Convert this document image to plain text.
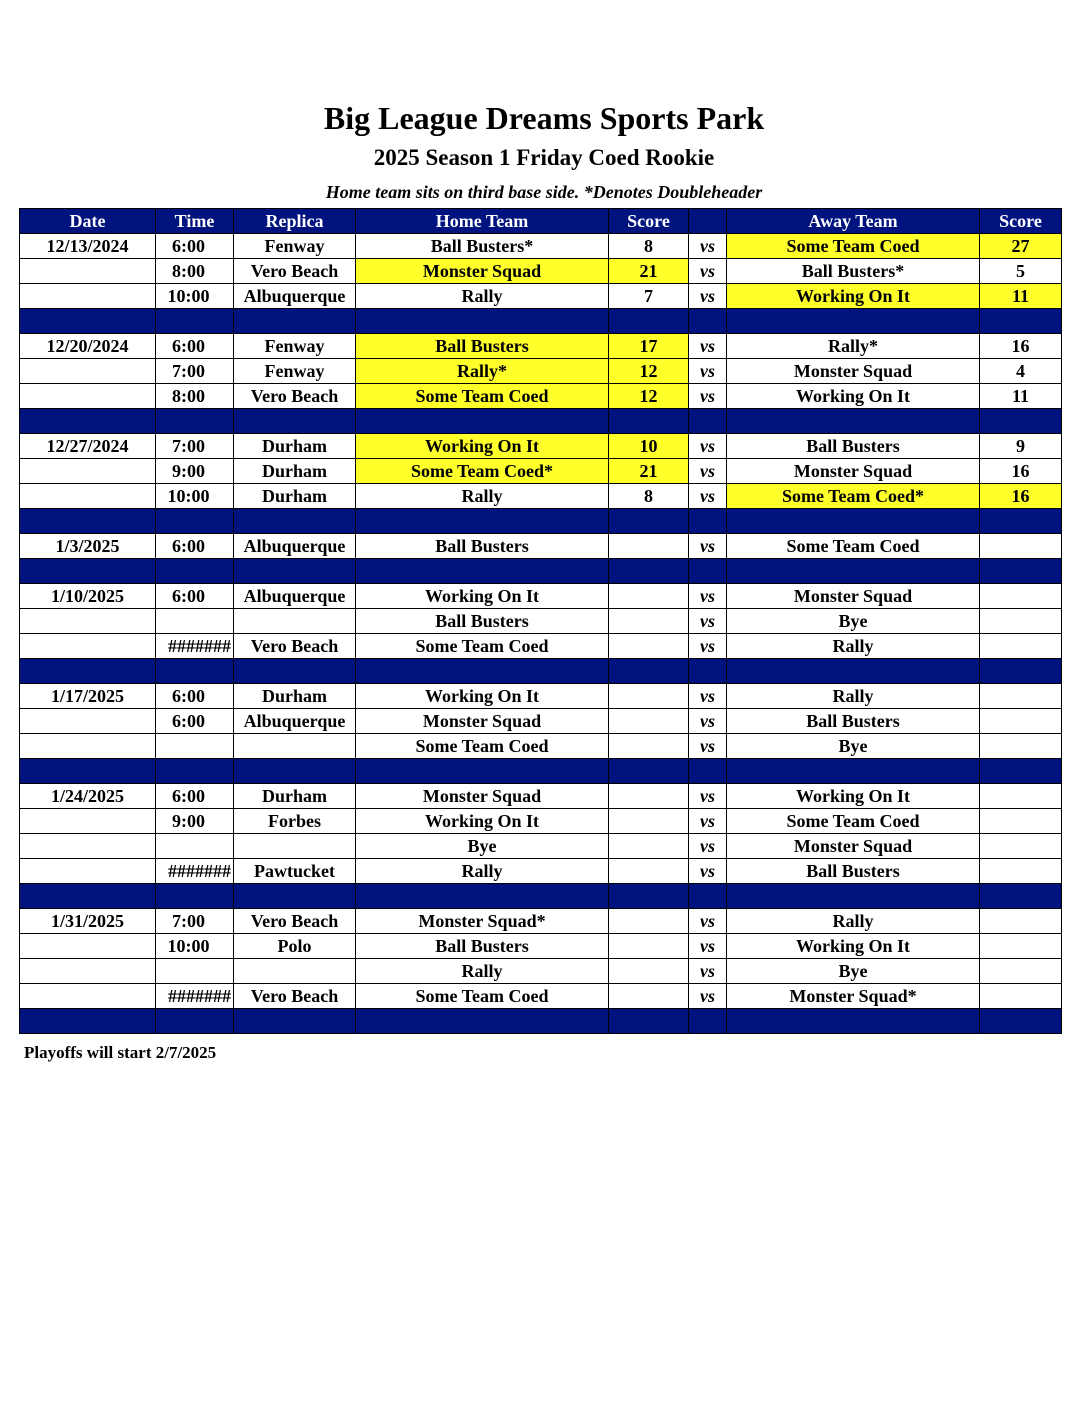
Big League Dreams Sports Park
2025 Season 1 Friday Coed Rookie
Home team sits on third base side. *Denotes Doubleheader
Date	Time	Replica	Home Team	Score		Away Team	Score
12/13/2024	6:00	Fenway	Ball Busters*	8	vs	Some Team Coed	27
	8:00	Vero Beach	Monster Squad	21	vs	Ball Busters*	5
	10:00	Albuquerque	Rally	7	vs	Working On It	11

12/20/2024	6:00	Fenway	Ball Busters	17	vs	Rally*	16
	7:00	Fenway	Rally*	12	vs	Monster Squad	4
	8:00	Vero Beach	Some Team Coed	12	vs	Working On It	11

12/27/2024	7:00	Durham	Working On It	10	vs	Ball Busters	9
	9:00	Durham	Some Team Coed*	21	vs	Monster Squad	16
	10:00	Durham	Rally	8	vs	Some Team Coed*	16

1/3/2025	6:00	Albuquerque	Ball Busters		vs	Some Team Coed	

1/10/2025	6:00	Albuquerque	Working On It		vs	Monster Squad	
			Ball Busters		vs	Bye	
	#######	Vero Beach	Some Team Coed		vs	Rally	

1/17/2025	6:00	Durham	Working On It		vs	Rally	
	6:00	Albuquerque	Monster Squad		vs	Ball Busters	
			Some Team Coed		vs	Bye	

1/24/2025	6:00	Durham	Monster Squad		vs	Working On It	
	9:00	Forbes	Working On It		vs	Some Team Coed	
			Bye		vs	Monster Squad	
	#######	Pawtucket	Rally		vs	Ball Busters	

1/31/2025	7:00	Vero Beach	Monster Squad*		vs	Rally	
	10:00	Polo	Ball Busters		vs	Working On It	
			Rally		vs	Bye	
	#######	Vero Beach	Some Team Coed		vs	Monster Squad*	

Playoffs will start 2/7/2025
